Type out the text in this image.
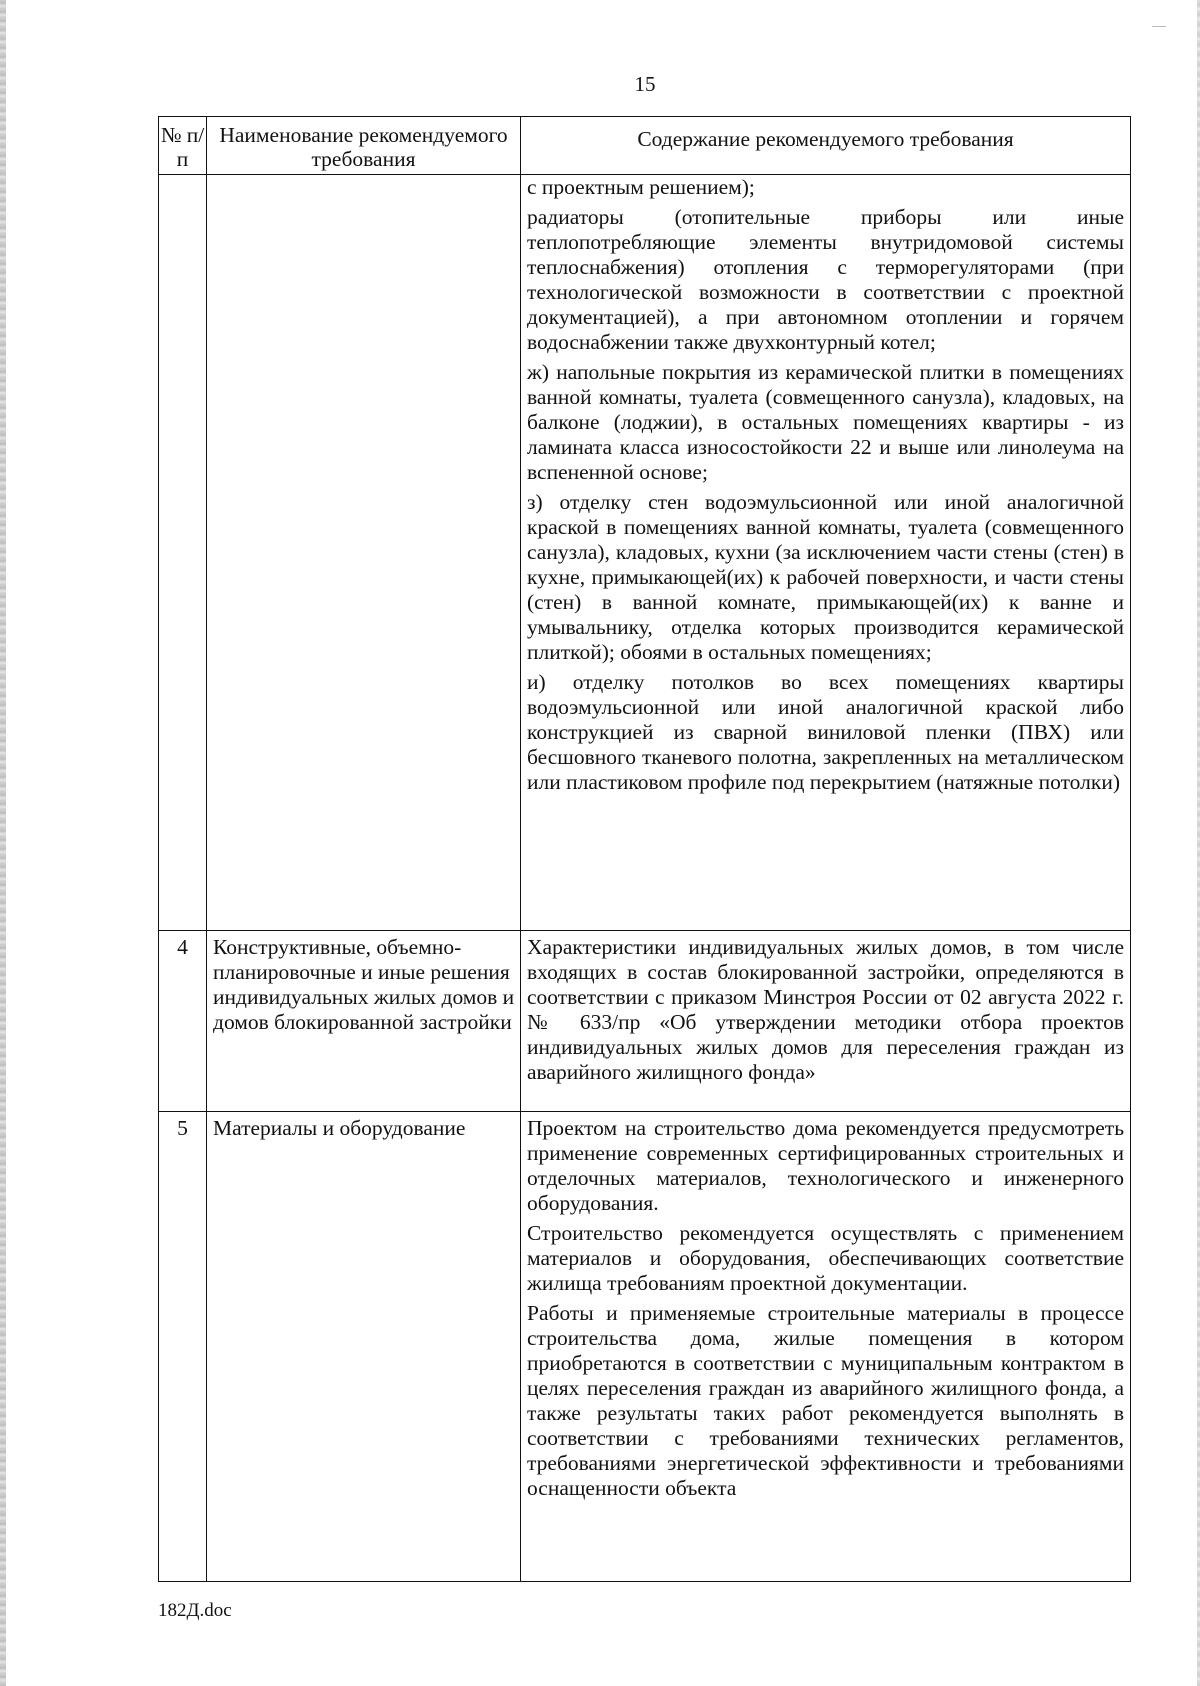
15
№ п/п	Наименование рекомендуемого требования	Содержание рекомендуемого требования

		с проектным решением);

радиаторы (отопительные приборы или иные теплопотребляющие элементы внутридомовой системы теплоснабжения) отопления с терморегуляторами (при технологической возможности в соответствии с проектной документацией), а при автономном отоплении и горячем водоснабжении также двухконтурный котел;

ж) напольные покрытия из керамической плитки в помещениях ванной комнаты, туалета (совмещенного санузла), кладовых, на балконе (лоджии), в остальных помещениях квартиры - из ламината класса износостойкости 22 и выше или линолеума на вспененной основе;

з) отделку стен водоэмульсионной или иной аналогичной краской в помещениях ванной комнаты, туалета (совмещенного санузла), кладовых, кухни (за исключением части стены (стен) в кухне, примыкающей(их) к рабочей поверхности, и части стены (стен) в ванной комнате, примыкающей(их) к ванне и умывальнику, отделка которых производится керамической плиткой); обоями в остальных помещениях;

и) отделку потолков во всех помещениях квартиры водоэмульсионной или иной аналогичной краской либо конструкцией из сварной виниловой пленки (ПВХ) или бесшовного тканевого полотна, закрепленных на металлическом или пластиковом профиле под перекрытием (натяжные потолки)

4	Конструктивные, объемно-планировочные и иные решения индивидуальных жилых домов и домов блокированной застройки	Характеристики индивидуальных жилых домов, в том числе входящих в состав блокированной застройки, определяются в соответствии с приказом Минстроя России от 02 августа 2022 г. № 633/пр «Об утверждении методики отбора проектов индивидуальных жилых домов для переселения граждан из аварийного жилищного фонда»

5	Материалы и оборудование	Проектом на строительство дома рекомендуется предусмотреть применение современных сертифицированных строительных и отделочных материалов, технологического и инженерного оборудования.

Строительство рекомендуется осуществлять с применением материалов и оборудования, обеспечивающих соответствие жилища требованиям проектной документации.

Работы и применяемые строительные материалы в процессе строительства дома, жилые помещения в котором приобретаются в соответствии с муниципальным контрактом в целях переселения граждан из аварийного жилищного фонда, а также результаты таких работ рекомендуется выполнять в соответствии с требованиями технических регламентов, требованиями энергетической эффективности и требованиями оснащенности объекта

182Д.doc
